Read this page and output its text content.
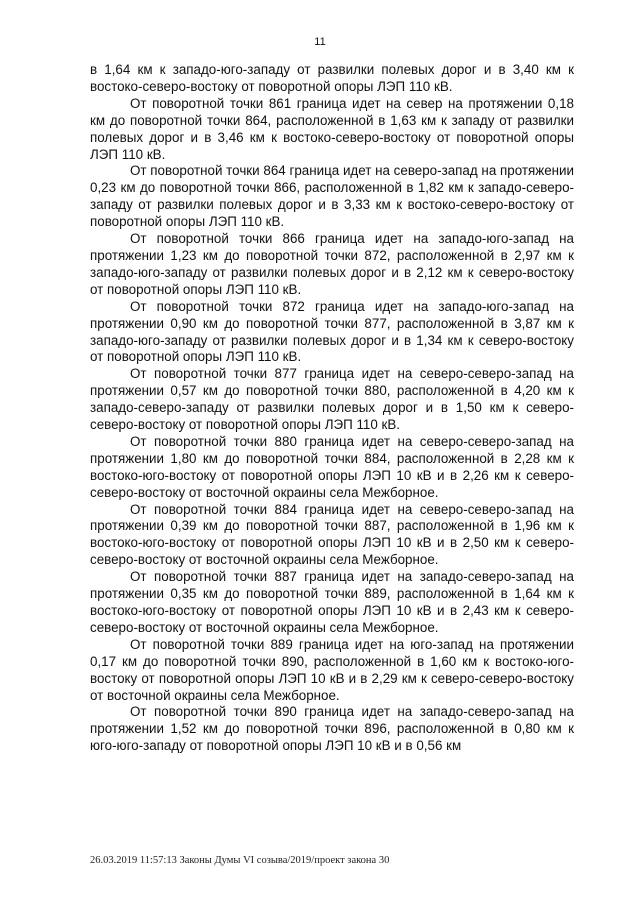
11

в 1,64 км к западо-юго-западу от развилки полевых дорог и в 3,40 км к востоко-северо-востоку от поворотной опоры ЛЭП 110 кВ.

От поворотной точки 861 граница идет на север на протяжении 0,18 км до поворотной точки 864, расположенной в 1,63 км к западу от развилки полевых дорог и в 3,46 км к востоко-северо-востоку от поворотной опоры ЛЭП 110 кВ.

От поворотной точки 864 граница идет на северо-запад на протяжении 0,23 км до поворотной точки 866, расположенной в 1,82 км к западо-северо-западу от развилки полевых дорог и в 3,33 км к востоко-северо-востоку от поворотной опоры ЛЭП 110 кВ.

От поворотной точки 866 граница идет на западо-юго-запад на протяжении 1,23 км до поворотной точки 872, расположенной в 2,97 км к западо-юго-западу от развилки полевых дорог и в 2,12 км к северо-востоку от поворотной опоры ЛЭП 110 кВ.

От поворотной точки 872 граница идет на западо-юго-запад на протяжении 0,90 км до поворотной точки 877, расположенной в 3,87 км к западо-юго-западу от развилки полевых дорог и в 1,34 км к северо-востоку от поворотной опоры ЛЭП 110 кВ.

От поворотной точки 877 граница идет на северо-северо-запад на протяжении 0,57 км до поворотной точки 880, расположенной в 4,20 км к западо-северо-западу от развилки полевых дорог и в 1,50 км к северо-северо-востоку от поворотной опоры ЛЭП 110 кВ.

От поворотной точки 880 граница идет на северо-северо-запад на протяжении 1,80 км до поворотной точки 884, расположенной в 2,28 км к востоко-юго-востоку от поворотной опоры ЛЭП 10 кВ и в 2,26 км к северо-северо-востоку от восточной окраины села Межборное.

От поворотной точки 884 граница идет на северо-северо-запад на протяжении 0,39 км до поворотной точки 887, расположенной в 1,96 км к востоко-юго-востоку от поворотной опоры ЛЭП 10 кВ и в 2,50 км к северо-северо-востоку от восточной окраины села Межборное.

От поворотной точки 887 граница идет на западо-северо-запад на протяжении 0,35 км до поворотной точки 889, расположенной в 1,64 км к востоко-юго-востоку от поворотной опоры ЛЭП 10 кВ и в 2,43 км к северо-северо-востоку от восточной окраины села Межборное.

От поворотной точки 889 граница идет на юго-запад на протяжении 0,17 км до поворотной точки 890, расположенной в 1,60 км к востоко-юго-востоку от поворотной опоры ЛЭП 10 кВ и в 2,29 км к северо-северо-востоку от восточной окраины села Межборное.

От поворотной точки 890 граница идет на западо-северо-запад на протяжении 1,52 км до поворотной точки 896, расположенной в 0,80 км к юго-юго-западу от поворотной опоры ЛЭП 10 кВ и в 0,56 км

26.03.2019 11:57:13 Законы Думы VI созыва/2019/проект закона 30
